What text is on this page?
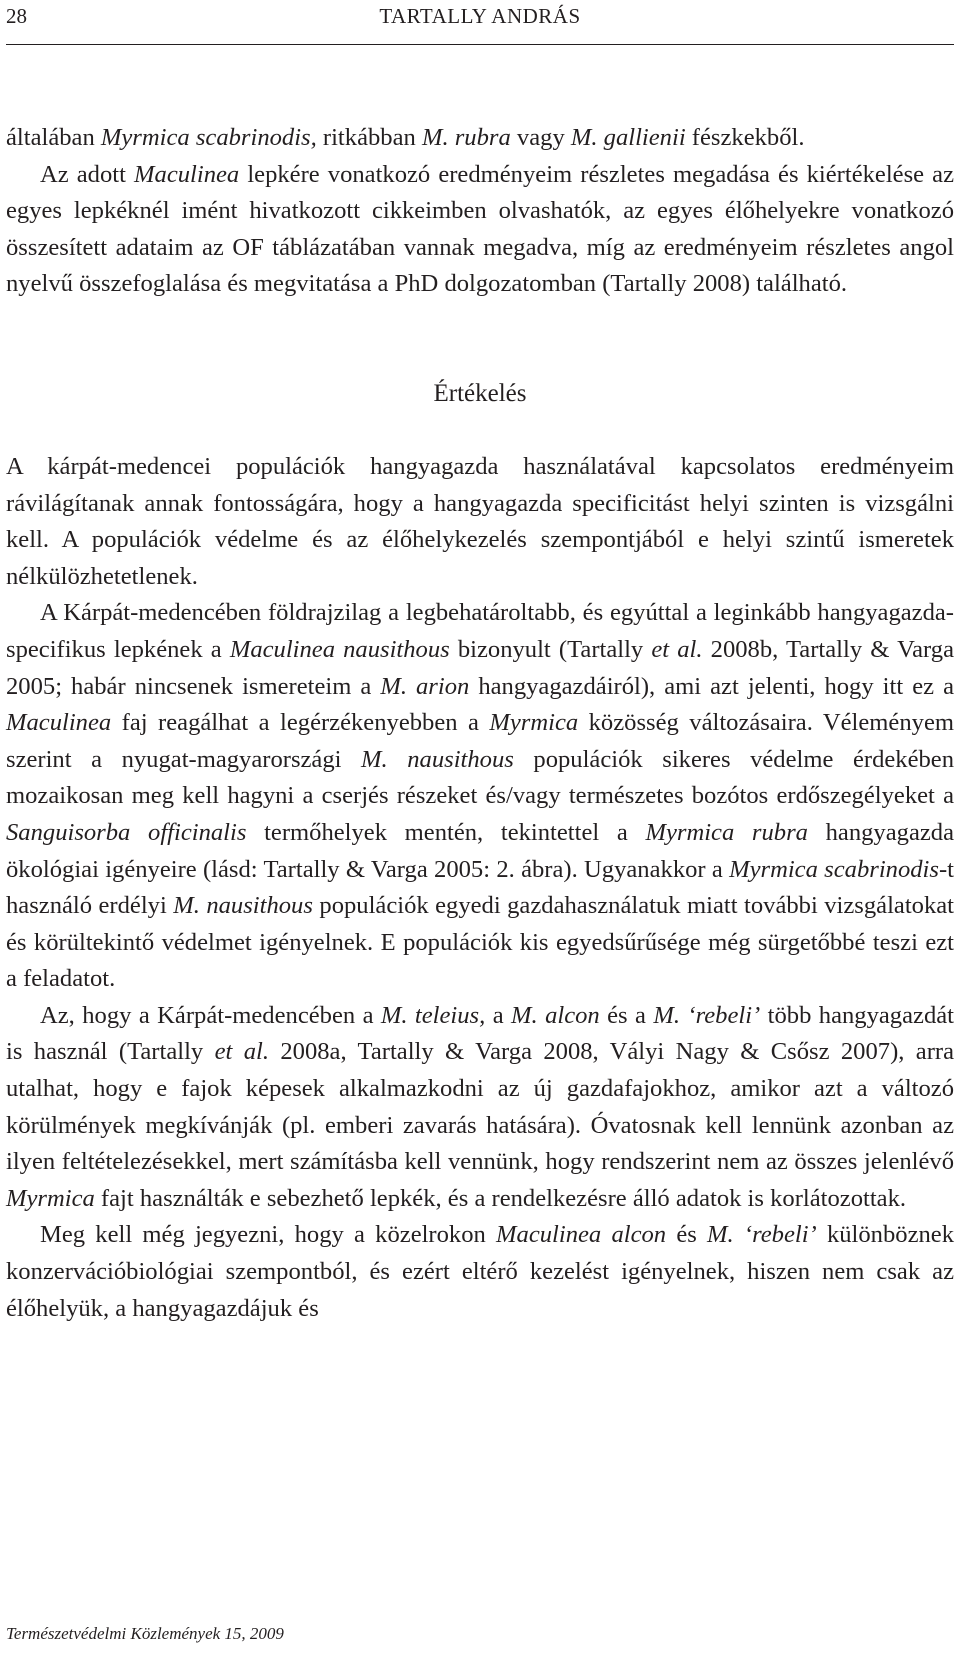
28	TARTALLY ANDRÁS

általában Myrmica scabrinodis, ritkábban M. rubra vagy M. gallienii fészkekből.

Az adott Maculinea lepkére vonatkozó eredményeim részletes megadása és kiértékelése az egyes lepkéknél imént hivatkozott cikkeimben olvashatók, az egyes élőhelyekre vonatkozó összesített adataim az OF táblázatában vannak megadva, míg az eredményeim részletes angol nyelvű összefoglalása és megvitatása a PhD dolgozatomban (Tartally 2008) található.

Értékelés

A kárpát-medencei populációk hangyagazda használatával kapcsolatos eredményeim rávilágítanak annak fontosságára, hogy a hangyagazda specificitást helyi szinten is vizsgálni kell. A populációk védelme és az élőhelykezelés szempontjából e helyi szintű ismeretek nélkülözhetetlenek.

A Kárpát-medencében földrajzilag a legbehatároltabb, és egyúttal a leginkább hangyagazda-specifikus lepkének a Maculinea nausithous bizonyult (Tartally et al. 2008b, Tartally & Varga 2005; habár nincsenek ismereteim a M. arion hangyagazdáiról), ami azt jelenti, hogy itt ez a Maculinea faj reagálhat a legérzékenyebben a Myrmica közösség változásaira. Véleményem szerint a nyugat-magyarországi M. nausithous populációk sikeres védelme érdekében mozaikosan meg kell hagyni a cserjés részeket és/vagy természetes bozótos erdőszegélyeket a Sanguisorba officinalis termőhelyek mentén, tekintettel a Myrmica rubra hangyagazda ökológiai igényeire (lásd: Tartally & Varga 2005: 2. ábra). Ugyanakkor a Myrmica scabrinodis-t használó erdélyi M. nausithous populációk egyedi gazdahasználatuk miatt további vizsgálatokat és körültekintő védelmet igényelnek. E populációk kis egyedsűrűsége még sürgetőbbé teszi ezt a feladatot.

Az, hogy a Kárpát-medencében a M. teleius, a M. alcon és a M. ‘rebeli’ több hangyagazdát is használ (Tartally et al. 2008a, Tartally & Varga 2008, Vályi Nagy & Csősz 2007), arra utalhat, hogy e fajok képesek alkalmazkodni az új gazdafajokhoz, amikor azt a változó körülmények megkívánják (pl. emberi zavarás hatására). Óvatosnak kell lennünk azonban az ilyen feltételezésekkel, mert számításba kell vennünk, hogy rendszerint nem az összes jelenlévő Myrmica fajt használták e sebezhető lepkék, és a rendelkezésre álló adatok is korlátozottak.

Meg kell még jegyezni, hogy a közelrokon Maculinea alcon és M. ‘rebeli’ különböznek konzervációbiológiai szempontból, és ezért eltérő kezelést igényelnek, hiszen nem csak az élőhelyük, a hangyagazdájuk és

Természetvédelmi Közlemények 15, 2009
